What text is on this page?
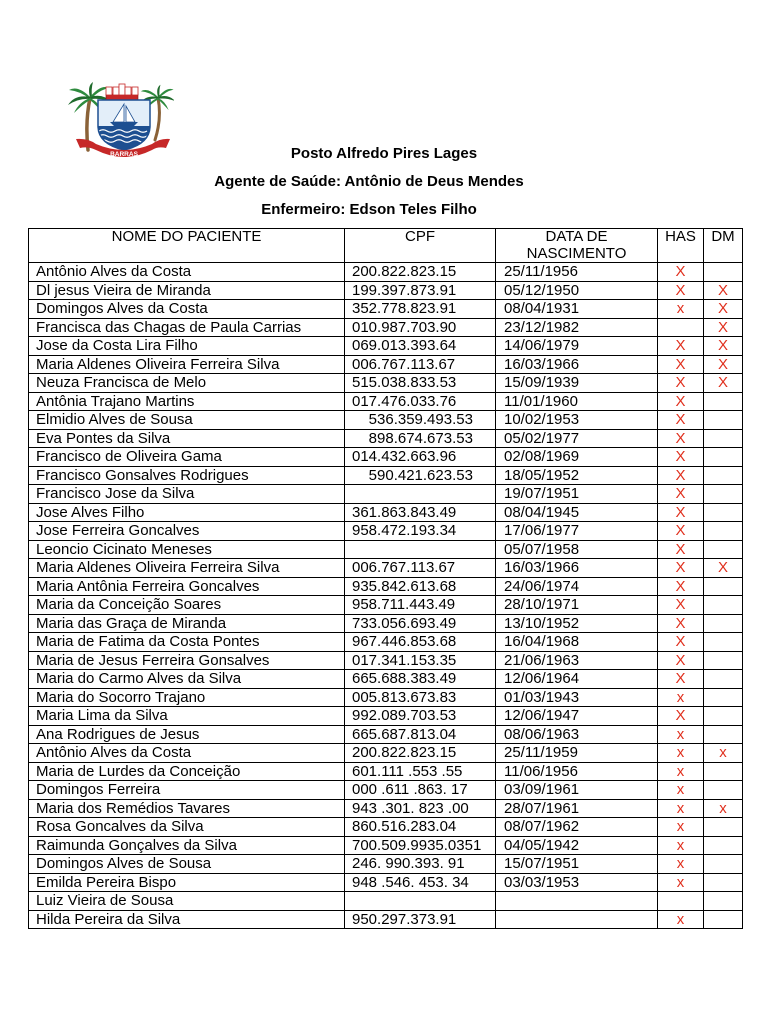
BARRAS	Posto Alfredo Pires Lages
Agente de Saúde: Antônio de Deus Mendes
Enfermeiro: Edson Teles Filho
NOME DO PACIENTE	CPF	DATA DE NASCIMENTO	HAS	DM
Antônio Alves da Costa	200.822.823.15	25/11/1956	X	
Dl jesus Vieira de Miranda	199.397.873.91	05/12/1950	X	X
Domingos Alves da Costa	352.778.823.91	08/04/1931	x	X
Francisca das Chagas de Paula Carrias	010.987.703.90	23/12/1982		X
Jose da Costa Lira Filho	069.013.393.64	14/06/1979	X	X
Maria Aldenes Oliveira Ferreira Silva	006.767.113.67	16/03/1966	X	X
Neuza Francisca de Melo	515.038.833.53	15/09/1939	X	X
Antônia Trajano Martins	017.476.033.76	11/01/1960	X	
Elmidio Alves de Sousa	536.359.493.53	10/02/1953	X	
Eva Pontes da Silva	898.674.673.53	05/02/1977	X	
Francisco de Oliveira Gama	014.432.663.96	02/08/1969	X	
Francisco Gonsalves Rodrigues	590.421.623.53	18/05/1952	X	
Francisco Jose da Silva		19/07/1951	X	
Jose Alves Filho	361.863.843.49	08/04/1945	X	
Jose Ferreira Goncalves	958.472.193.34	17/06/1977	X	
Leoncio Cicinato Meneses		05/07/1958	X	
Maria Aldenes Oliveira Ferreira Silva	006.767.113.67	16/03/1966	X	X
Maria Antônia Ferreira Goncalves	935.842.613.68	24/06/1974	X	
Maria da Conceição Soares	958.711.443.49	28/10/1971	X	
Maria das Graça de Miranda	733.056.693.49	13/10/1952	X	
Maria de Fatima da Costa Pontes	967.446.853.68	16/04/1968	X	
Maria de Jesus Ferreira Gonsalves	017.341.153.35	21/06/1963	X	
Maria do Carmo Alves da Silva	665.688.383.49	12/06/1964	X	
Maria do Socorro Trajano	005.813.673.83	01/03/1943	x	
Maria Lima da Silva	992.089.703.53	12/06/1947	X	
Ana Rodrigues de Jesus	665.687.813.04	08/06/1963	x	
Antônio Alves da Costa	200.822.823.15	25/11/1959	x	x
Maria de Lurdes da Conceição	601.111 .553 .55	11/06/1956	x	
Domingos Ferreira	000 .611 .863. 17	03/09/1961	x	
Maria dos Remédios Tavares	943 .301. 823 .00	28/07/1961	x	x
Rosa Goncalves da Silva	860.516.283.04	08/07/1962	x	
Raimunda Gonçalves da Silva	700.509.9935.0351	04/05/1942	x	
Domingos Alves de Sousa	246. 990.393. 91	15/07/1951	x	
Emilda Pereira Bispo	948 .546. 453. 34	03/03/1953	x	
Luiz Vieira de Sousa				
Hilda Pereira da Silva	950.297.373.91		x	
